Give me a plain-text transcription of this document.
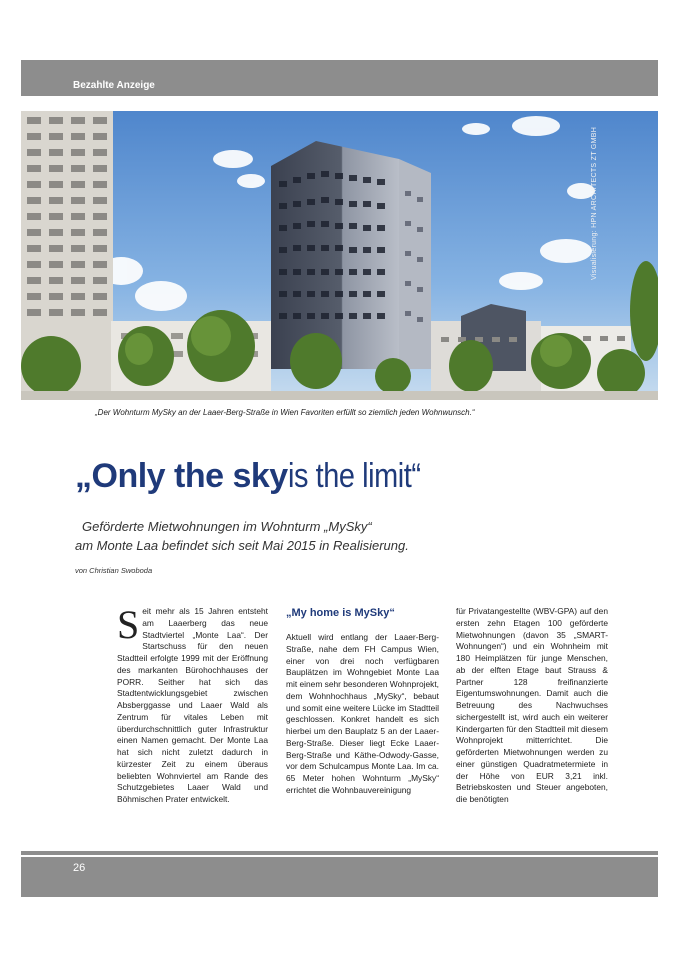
Bezahlte Anzeige
Visualisierung: HPN ARCHITECTS ZT GMBH
„Der Wohnturm MySky an der Laaer-Berg-Straße in Wien Favoriten erfüllt so ziemlich jeden Wohnwunsch.“
„Only the skyis the limit“
Geförderte Mietwohnungen im Wohnturm „MySky“
am Monte Laa befindet sich seit Mai 2015 in Realisierung.
von Christian Swoboda
Seit mehr als 15 Jahren entsteht am Laaerberg das neue Stadtviertel „Monte Laa“. Der Startschuss für den neuen Stadtteil erfolgte 1999 mit der Eröffnung des markanten Bürohochhauses der PORR. Seither hat sich das Stadtentwicklungsgebiet zwischen Absberggasse und Laaer Wald als Zentrum für vitales Leben mit überdurchschnittlich guter Infrastruktur einen Namen gemacht. Der Monte Laa hat sich nicht zuletzt dadurch in kürzester Zeit zu einem überaus beliebten Wohnviertel am Rande des Schutzgebietes Laaer Wald und Böhmischen Prater entwickelt.
„My home is MySky“
Aktuell wird entlang der Laaer-Berg-Straße, nahe dem FH Campus Wien, einer von drei noch verfügbaren Bauplätzen im Wohngebiet Monte Laa mit einem sehr besonderen Wohnprojekt, dem Wohnhochhaus „MySky“, bebaut und somit eine weitere Lücke im Stadtteil geschlossen. Konkret handelt es sich hierbei um den Bauplatz 5 an der Laaer-Berg-Straße. Dieser liegt Ecke Laaer-Berg-Straße und Käthe-Odwody-Gasse, vor dem Schulcampus Monte Laa. Im ca. 65 Meter hohen Wohnturm „MySky“ errichtet die Wohnbauvereinigung
für Privatangestellte (WBV-GPA) auf den ersten zehn Etagen 100 geförderte Mietwohnungen (davon 35 „SMART-Wohnungen“) und ein Wohnheim mit 180 Heimplätzen für junge Menschen, ab der elften Etage baut Strauss & Partner 128 freifinanzierte Eigentumswohnungen. Damit auch die Betreuung des Nachwuchses sichergestellt ist, wird auch ein weiterer Kindergarten für den Stadtteil mit diesem Wohnprojekt mitterrichtet. Die geförderten Mietwohnungen werden zu einer günstigen Quadratmetermiete in der Höhe von EUR 3,21 inkl. Betriebskosten und Steuer angeboten, die benötigten
26
